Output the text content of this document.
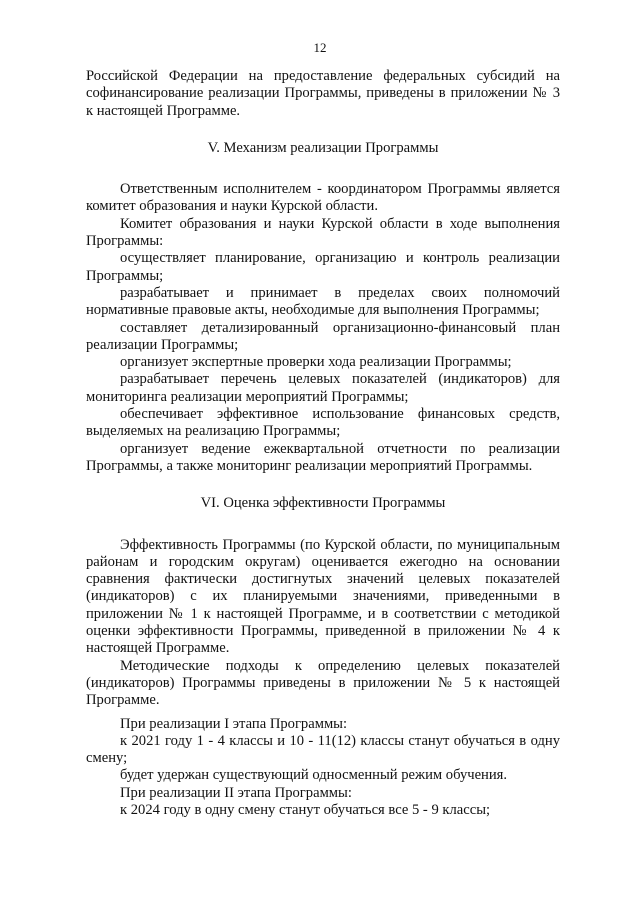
12

Российской Федерации на предоставление федеральных субсидий на софинансирование реализации Программы, приведены в приложении № 3 к настоящей Программе.

V. Механизм реализации Программы

Ответственным исполнителем - координатором Программы является комитет образования и науки Курской области.

Комитет образования и науки Курской области в ходе выполнения Программы:

осуществляет планирование, организацию и контроль реализации Программы;

разрабатывает и принимает в пределах своих полномочий нормативные правовые акты, необходимые для выполнения Программы;

составляет детализированный организационно-финансовый план реализации Программы;

организует экспертные проверки хода реализации Программы;

разрабатывает перечень целевых показателей (индикаторов) для мониторинга реализации мероприятий Программы;

обеспечивает эффективное использование финансовых средств, выделяемых на реализацию Программы;

организует ведение ежеквартальной отчетности по реализации Программы, а также мониторинг реализации мероприятий Программы.

VI. Оценка эффективности Программы

Эффективность Программы (по Курской области, по муниципальным районам и городским округам) оценивается ежегодно на основании сравнения фактически достигнутых значений целевых показателей (индикаторов) с их планируемыми значениями, приведенными в приложении № 1 к настоящей Программе, и в соответствии с методикой оценки эффективности Программы, приведенной в приложении № 4 к настоящей Программе.

Методические подходы к определению целевых показателей (индикаторов) Программы приведены в приложении № 5 к настоящей Программе.

При реализации I этапа Программы:

к 2021 году 1 - 4 классы и 10 - 11(12) классы станут обучаться в одну смену;

будет удержан существующий односменный режим обучения.

При реализации II этапа Программы:

к 2024 году в одну смену станут обучаться все 5 - 9 классы;
